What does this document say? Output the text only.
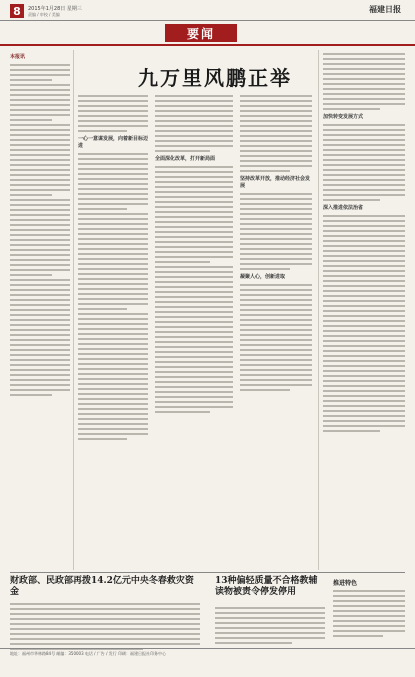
8	2015年1月28日 星期三
责编 / 审校 / 美编
福建日报
要闻
本报讯
一心一意谋发展，向着新目标迈进
九万里风鹏正举
全面深化改革，打开新局面
坚持改革开放，推动经济社会发展
凝聚人心，创新进取
加快转变发展方式
深入推进依法治省
财政部、民政部再拨14.2亿元中央冬春救灾资金
13种偏轻质量不合格教辅读物被责令停发停用
推进特色
地址：福州市华林路84号 邮编：350003 电话 / 广告 / 发行 印刷：福建日报社印务中心
